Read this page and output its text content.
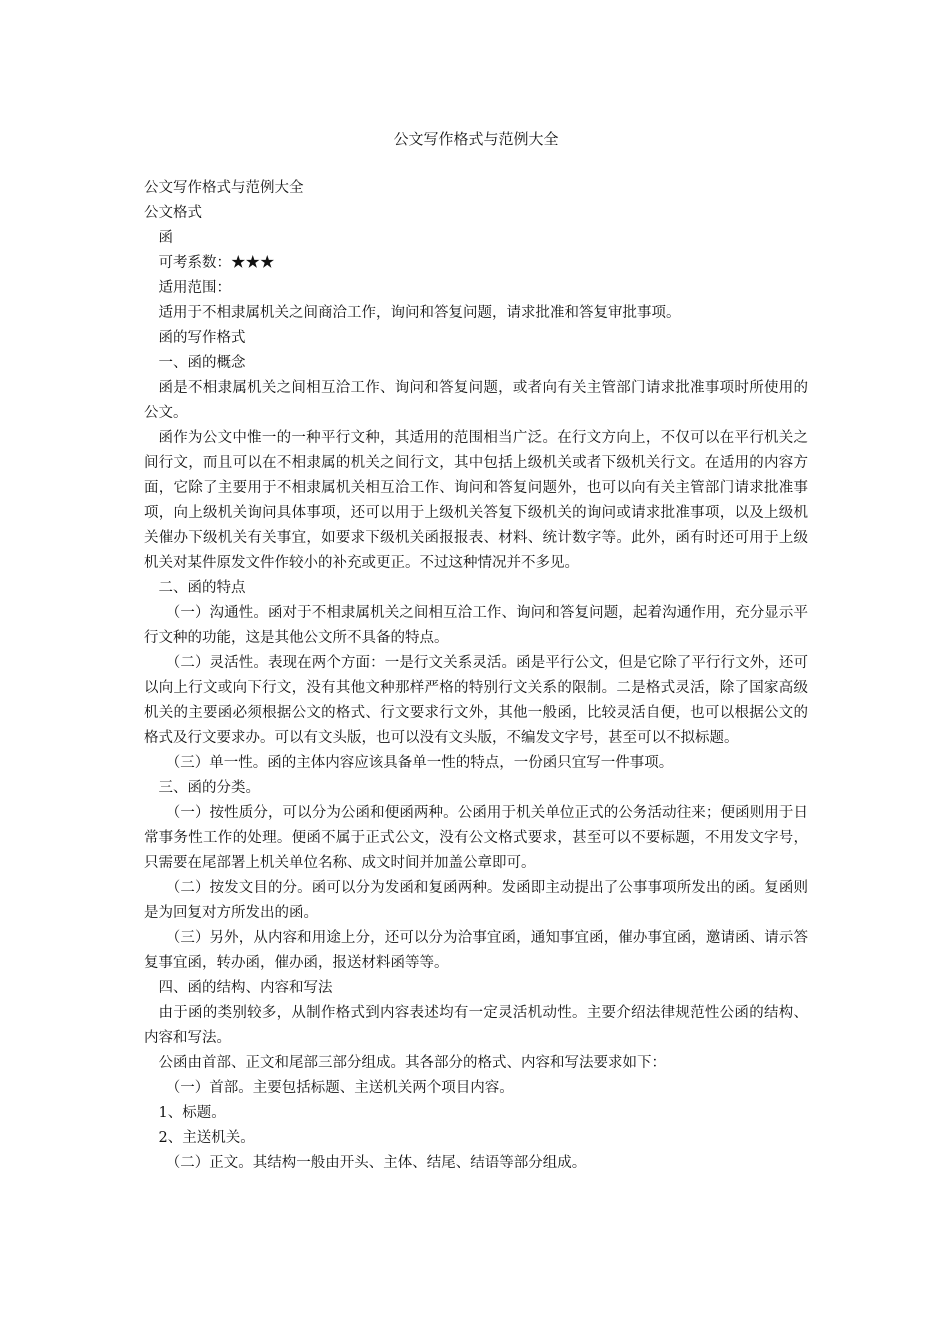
公文写作格式与范例大全

公文写作格式与范例大全

公文格式

函

可考系数：★★★

适用范围：

适用于不相隶属机关之间商洽工作，询问和答复问题，请求批准和答复审批事项。

函的写作格式

一、函的概念

函是不相隶属机关之间相互洽工作、询问和答复问题，或者向有关主管部门请求批准事项时所使用的公文。

函作为公文中惟一的一种平行文种，其适用的范围相当广泛。在行文方向上，不仅可以在平行机关之间行文，而且可以在不相隶属的机关之间行文，其中包括上级机关或者下级机关行文。在适用的内容方面，它除了主要用于不相隶属机关相互洽工作、询问和答复问题外，也可以向有关主管部门请求批准事项，向上级机关询问具体事项，还可以用于上级机关答复下级机关的询问或请求批准事项，以及上级机关催办下级机关有关事宜，如要求下级机关函报报表、材料、统计数字等。此外，函有时还可用于上级机关对某件原发文件作较小的补充或更正。不过这种情况并不多见。

二、函的特点

（一）沟通性。函对于不相隶属机关之间相互洽工作、询问和答复问题，起着沟通作用，充分显示平行文种的功能，这是其他公文所不具备的特点。

（二）灵活性。表现在两个方面：一是行文关系灵活。函是平行公文，但是它除了平行行文外，还可以向上行文或向下行文，没有其他文种那样严格的特别行文关系的限制。二是格式灵活，除了国家高级机关的主要函必须根据公文的格式、行文要求行文外，其他一般函，比较灵活自便，也可以根据公文的格式及行文要求办。可以有文头版，也可以没有文头版，不编发文字号，甚至可以不拟标题。

（三）单一性。函的主体内容应该具备单一性的特点，一份函只宜写一件事项。

三、函的分类。

（一）按性质分，可以分为公函和便函两种。公函用于机关单位正式的公务活动往来；便函则用于日常事务性工作的处理。便函不属于正式公文，没有公文格式要求，甚至可以不要标题，不用发文字号，只需要在尾部署上机关单位名称、成文时间并加盖公章即可。

（二）按发文目的分。函可以分为发函和复函两种。发函即主动提出了公事事项所发出的函。复函则是为回复对方所发出的函。

（三）另外，从内容和用途上分，还可以分为洽事宜函，通知事宜函，催办事宜函，邀请函、请示答复事宜函，转办函，催办函，报送材料函等等。

四、函的结构、内容和写法

由于函的类别较多，从制作格式到内容表述均有一定灵活机动性。主要介绍法律规范性公函的结构、内容和写法。

公函由首部、正文和尾部三部分组成。其各部分的格式、内容和写法要求如下：

（一）首部。主要包括标题、主送机关两个项目内容。

1、标题。

2、主送机关。

（二）正文。其结构一般由开头、主体、结尾、结语等部分组成。
